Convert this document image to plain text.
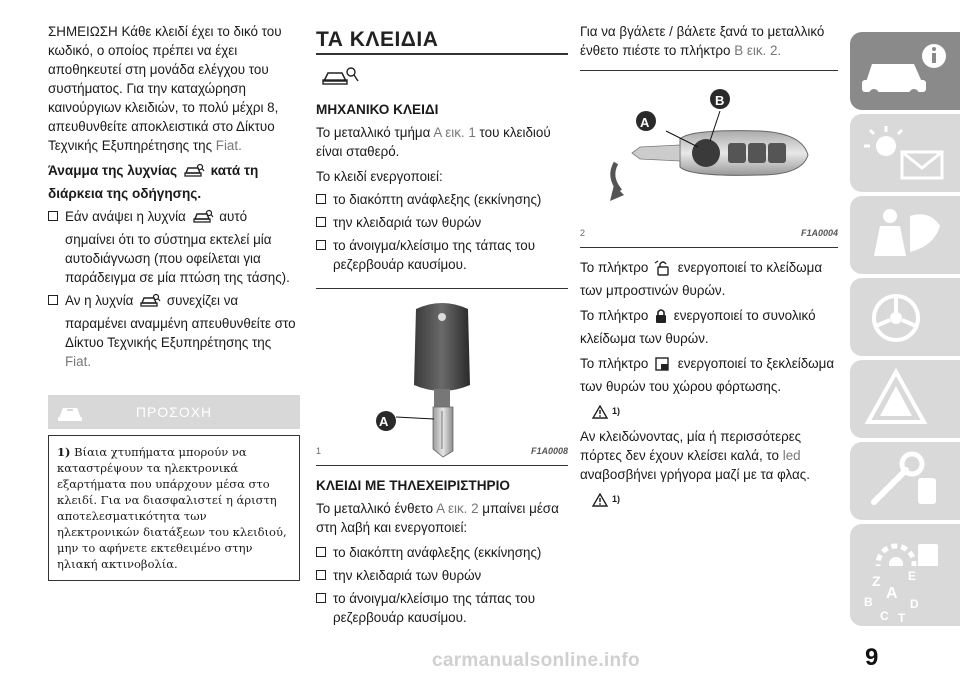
ΣΗΜΕΙΩΣΗ Κάθε κλειδί έχει το δικό του κωδικό, ο οποίος πρέπει να έχει αποθηκευτεί στη μονάδα ελέγχου του συστήματος. Για την καταχώρηση καινούργιων κλειδιών, το πολύ μέχρι 8, απευθυνθείτε αποκλειστικά στο Δίκτυο Τεχνικής Εξυπηρέτησης της Fiat.

Άναμμα της λυχνίας κατά τη διάρκεια της οδήγησης.
Εάν ανάψει η λυχνία αυτό σημαίνει ότι το σύστημα εκτελεί μία αυτοδιάγνωση (που οφείλεται για παράδειγμα σε μία πτώση της τάσης).
Αν η λυχνία συνεχίζει να παραμένει αναμμένη απευθυνθείτε στο Δίκτυο Τεχνικής Εξυπηρέτησης της Fiat.
ΠΡΟΣΟΧΗ
1) Βίαια χτυπήματα μπορούν να καταστρέψουν τα ηλεκτρονικά εξαρτήματα που υπάρχουν μέσα στο κλειδί. Για να διασφαλιστεί η άριστη αποτελεσματικότητα των ηλεκτρονικών διατάξεων του κλειδιού, μην το αφήνετε εκτεθειμένο στην ηλιακή ακτινοβολία.
ΤΑ ΚΛΕΙΔΙΑ
ΜΗΧΑΝΙΚΟ ΚΛΕΙΔΙ

Το μεταλλικό τμήμα Α εικ. 1 του κλειδιού είναι σταθερό.

Το κλειδί ενεργοποιεί:

το διακόπτη ανάφλεξης (εκκίνησης)
την κλειδαριά των θυρών
το άνοιγμα/κλείσιμο της τάπας του ρεζερβουάρ καυσίμου.
A
1	F1A0008
ΚΛΕΙΔΙ ΜΕ ΤΗΛΕΧΕΙΡΙΣΤΗΡΙΟ

Το μεταλλικό ένθετο Α εικ. 2 μπαίνει μέσα στη λαβή και ενεργοποιεί:

το διακόπτη ανάφλεξης (εκκίνησης)
την κλειδαριά των θυρών
το άνοιγμα/κλείσιμο της τάπας του ρεζερβουάρ καυσίμου.

Για να βγάλετε / βάλετε ξανά το μεταλλικό ένθετο πιέστε το πλήκτρο Β εικ. 2.

A
B
2	F1A0004

Το πλήκτρο ενεργοποιεί το κλείδωμα των μπροστινών θυρών.

Το πλήκτρο ενεργοποιεί το συνολικό κλείδωμα των θυρών.

Το πλήκτρο ενεργοποιεί το ξεκλείδωμα των θυρών του χώρου φόρτωσης.

1)

Αν κλειδώνοντας, μία ή περισσότερες πόρτες δεν έχουν κλείσει καλά, το led αναβοσβήνει γρήγορα μαζί με τα φλας.

1)
Z E
A
B	D
C T
9
carmanualsonline.info
